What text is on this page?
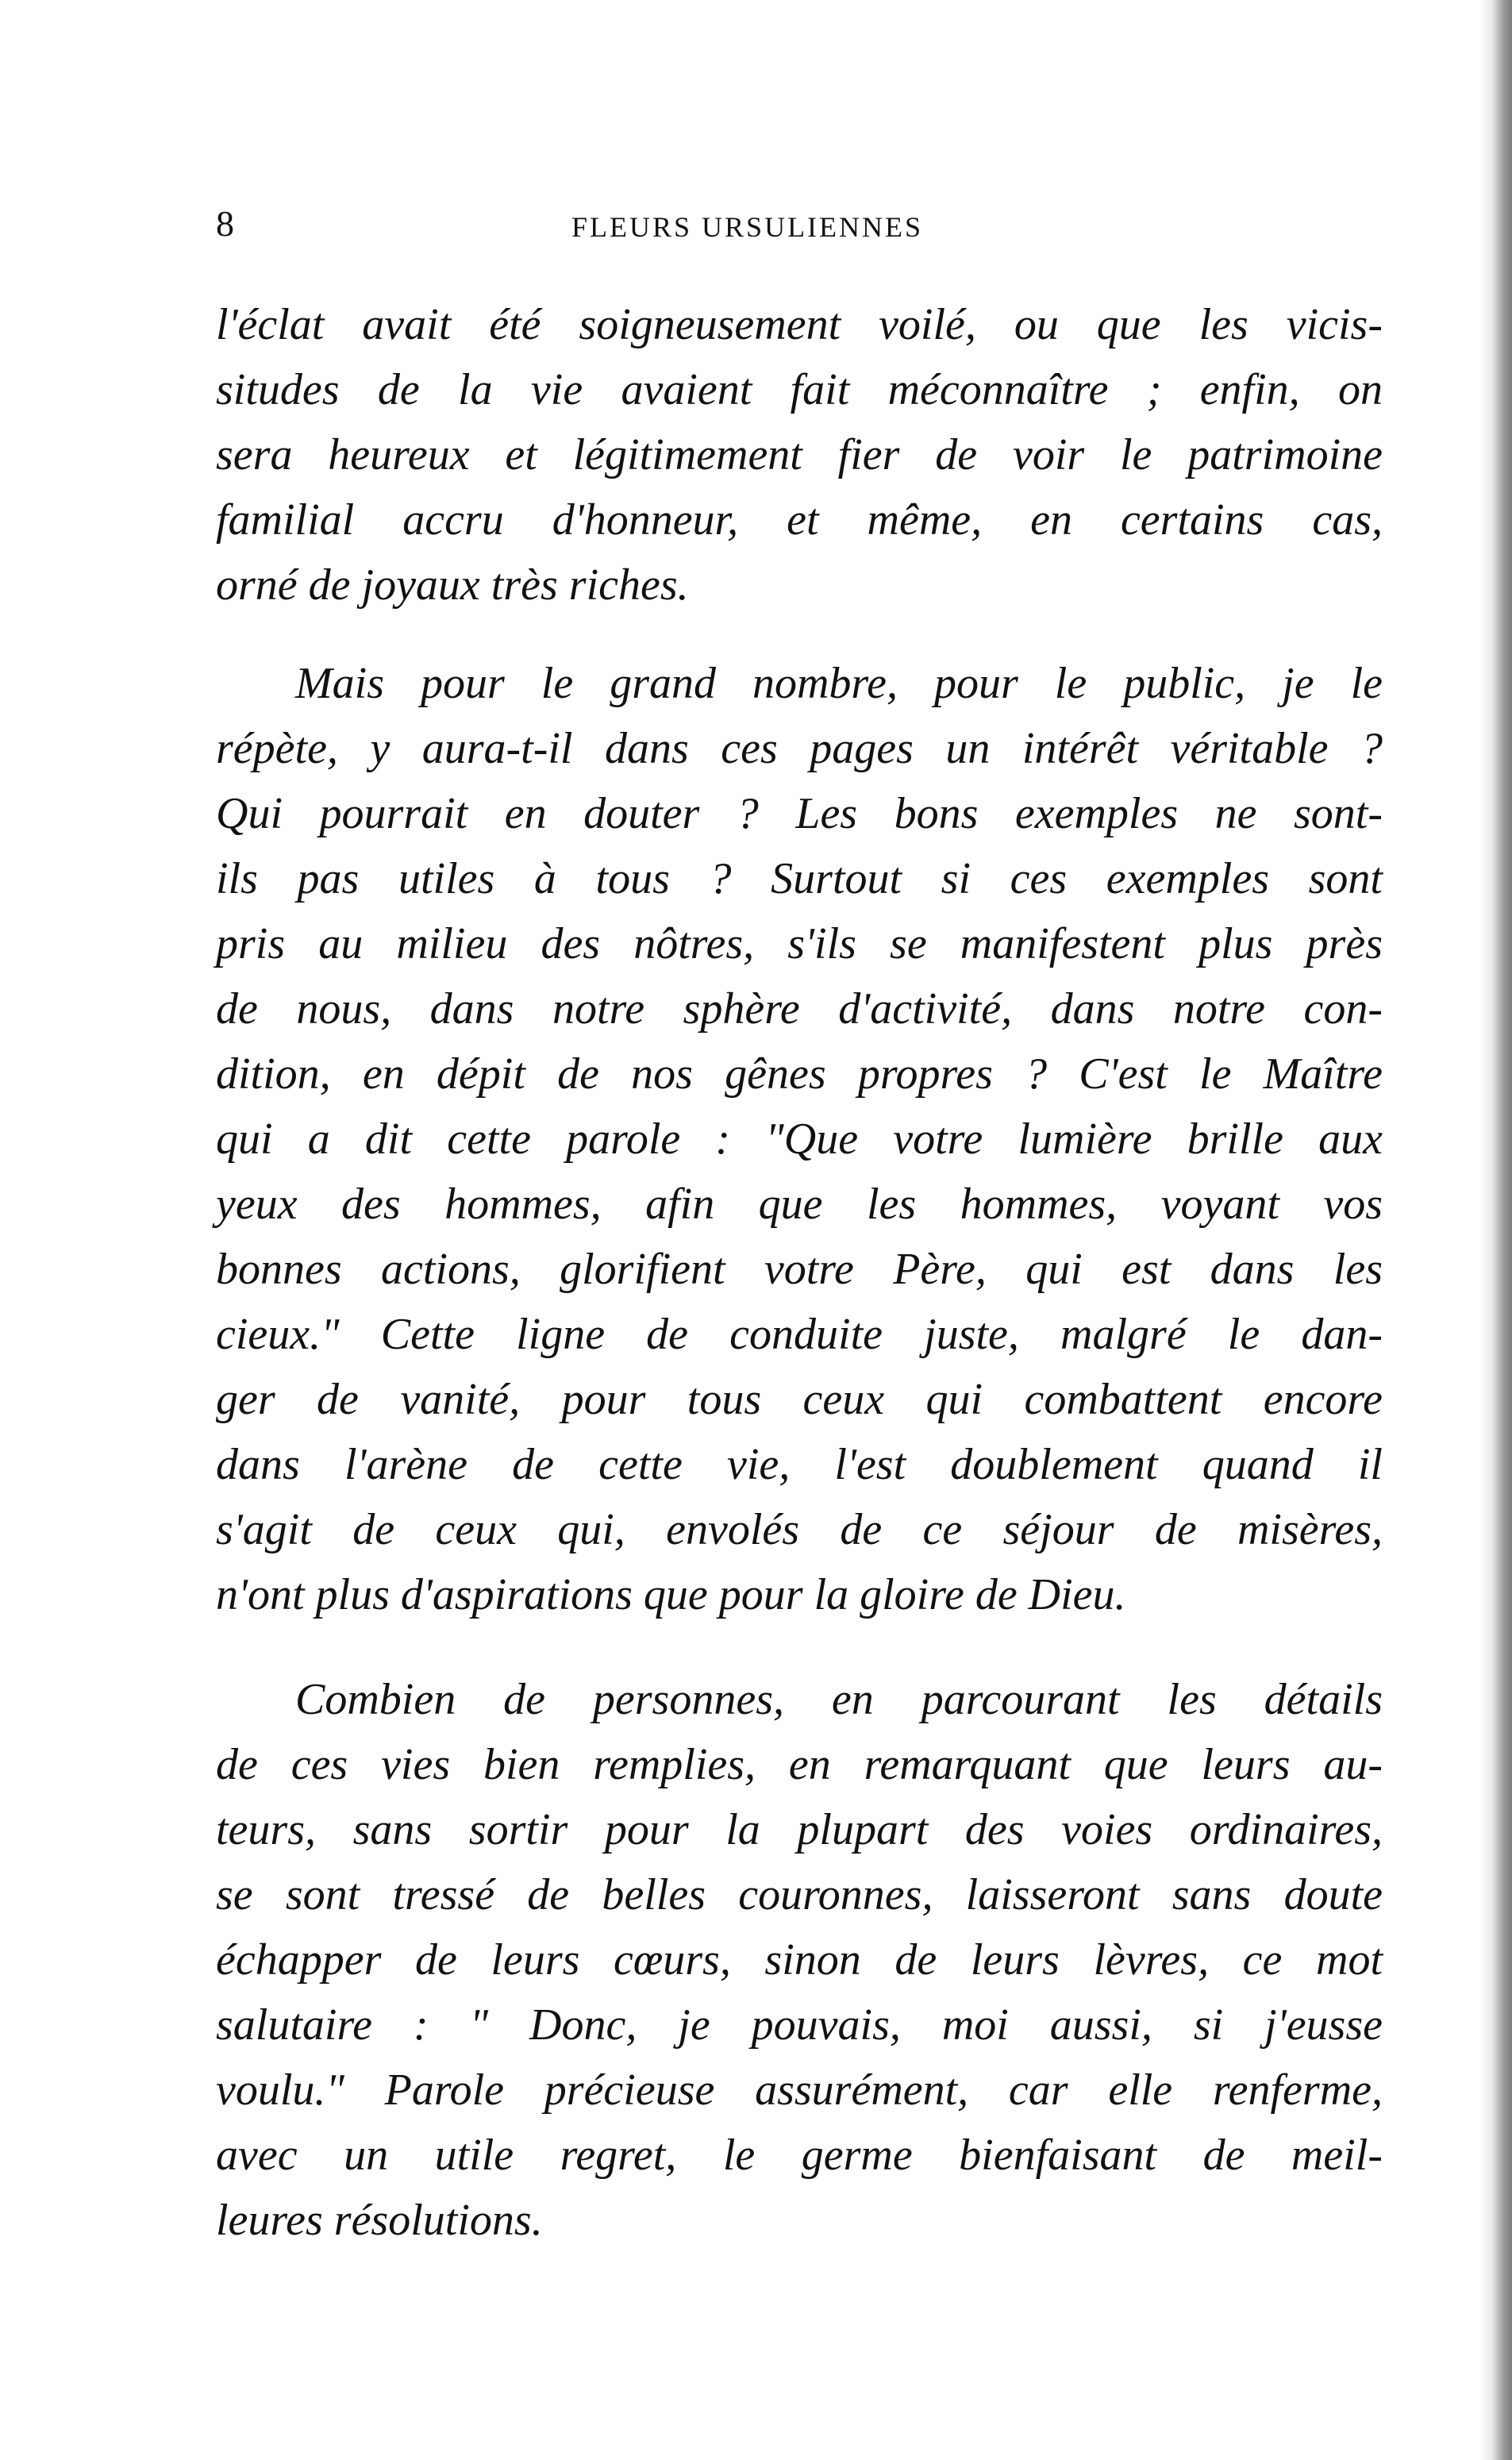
8	FLEURS URSULIENNES
l'éclat avait été soigneusement voilé, ou que les vicis-
situdes de la vie avaient fait méconnaître ; enfin, on
sera heureux et légitimement fier de voir le patrimoine
familial accru d'honneur, et même, en certains cas,
orné de joyaux très riches.
Mais pour le grand nombre, pour le public, je le
répète, y aura-t-il dans ces pages un intérêt véritable ?
Qui pourrait en douter ? Les bons exemples ne sont-
ils pas utiles à tous ? Surtout si ces exemples sont
pris au milieu des nôtres, s'ils se manifestent plus près
de nous, dans notre sphère d'activité, dans notre con-
dition, en dépit de nos gênes propres ? C'est le Maître
qui a dit cette parole : "Que votre lumière brille aux
yeux des hommes, afin que les hommes, voyant vos
bonnes actions, glorifient votre Père, qui est dans les
cieux." Cette ligne de conduite juste, malgré le dan-
ger de vanité, pour tous ceux qui combattent encore
dans l'arène de cette vie, l'est doublement quand il
s'agit de ceux qui, envolés de ce séjour de misères,
n'ont plus d'aspirations que pour la gloire de Dieu.
Combien de personnes, en parcourant les détails
de ces vies bien remplies, en remarquant que leurs au-
teurs, sans sortir pour la plupart des voies ordinaires,
se sont tressé de belles couronnes, laisseront sans doute
échapper de leurs cœurs, sinon de leurs lèvres, ce mot
salutaire : " Donc, je pouvais, moi aussi, si j'eusse
voulu." Parole précieuse assurément, car elle renferme,
avec un utile regret, le germe bienfaisant de meil-
leures résolutions.
